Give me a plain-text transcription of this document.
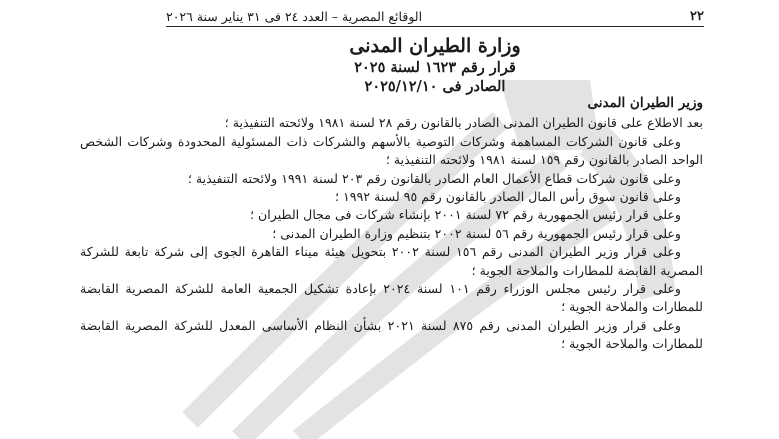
٢٢
الوقائع المصرية – العدد ٢٤ فى ٣١ يناير سنة ٢٠٢٦
وزارة الطيران المدنى
قرار رقم ١٦٢٣ لسنة ٢٠٢٥
الصادر فى ٢٠٢٥/١٢/١٠
وزير الطيران المدنى

بعد الاطلاع على قانون الطيران المدنى الصادر بالقانون رقم ٢٨ لسنة ١٩٨١ ولائحته التنفيذية ؛

وعلى قانون الشركات المساهمة وشركات التوصية بالأسهم والشركات ذات المسئولية المحدودة وشركات الشخص الواحد الصادر بالقانون رقم ١٥٩ لسنة ١٩٨١ ولائحته التنفيذية ؛

وعلى قانون شركات قطاع الأعمال العام الصادر بالقانون رقم ٢٠٣ لسنة ١٩٩١ ولائحته التنفيذية ؛

وعلى قانون سوق رأس المال الصادر بالقانون رقم ٩٥ لسنة ١٩٩٢ ؛

وعلى قرار رئيس الجمهورية رقم ٧٢ لسنة ٢٠٠١ بإنشاء شركات فى مجال الطيران ؛

وعلى قرار رئيس الجمهورية رقم ٥٦ لسنة ٢٠٠٢ بتنظيم وزارة الطيران المدنى ؛

وعلى قرار وزير الطيران المدنى رقم ١٥٦ لسنة ٢٠٠٢ بتحويل هيئة ميناء القاهرة الجوى إلى شركة تابعة للشركة المصرية القابضة للمطارات والملاحة الجوية ؛

وعلى قرار رئيس مجلس الوزراء رقم ١٠١ لسنة ٢٠٢٤ بإعادة تشكيل الجمعية العامة للشركة المصرية القابضة للمطارات والملاحة الجوية ؛

وعلى قرار وزير الطيران المدنى رقم ٨٧٥ لسنة ٢٠٢١ بشأن النظام الأساسى المعدل للشركة المصرية القابضة للمطارات والملاحة الجوية ؛
